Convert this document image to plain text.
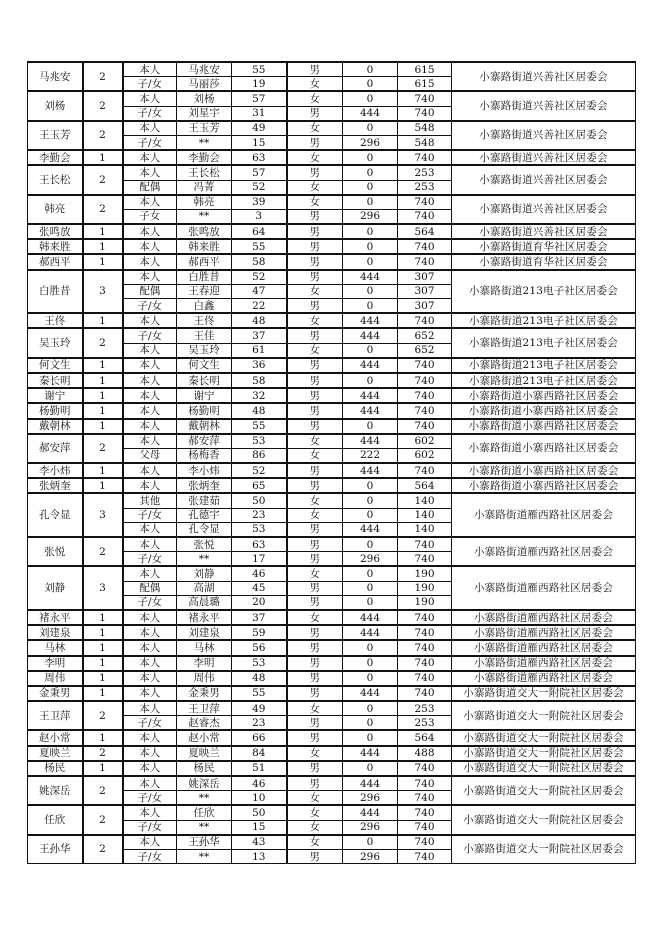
马兆安	2	本人	马兆安	55	男	0	615	小寨路街道兴善社区居委会
		子/女	马丽莎	19	女	0	615	
刘杨	2	本人	刘杨	57	女	0	740	小寨路街道兴善社区居委会
		子/女	刘星宇	31	男	444	740	
王玉芳	2	本人	王玉芳	49	女	0	548	小寨路街道兴善社区居委会
		子/女	**	15	男	296	548	
李勤会	1	本人	李勤会	63	女	0	740	小寨路街道兴善社区居委会
王长松	2	本人	王长松	57	男	0	253	小寨路街道兴善社区居委会
		配偶	冯菁	52	女	0	253	
韩亮	2	本人	韩亮	39	女	0	740	小寨路街道兴善社区居委会
		子女	**	3	男	296	740	
张鸣放	1	本人	张鸣放	64	男	0	564	小寨路街道兴善社区居委会
韩来胜	1	本人	韩来胜	55	男	0	740	小寨路街道育华社区居委会
郝西平	1	本人	郝西平	58	男	0	740	小寨路街道育华社区居委会
白胜昔	3	本人	白胜昔	52	男	444	307	小寨路街道213电子社区居委会
		配偶	王春迎	47	女	0	307	
		子/女	白鑫	22	男	0	307	
王佟	1	本人	王佟	48	女	444	740	小寨路街道213电子社区居委会
吴玉玲	2	子/女	王佳	37	男	444	652	小寨路街道213电子社区居委会
		本人	吴玉玲	61	女	0	652	
何文生	1	本人	何文生	36	男	444	740	小寨路街道213电子社区居委会
秦长明	1	本人	秦长明	58	男	0	740	小寨路街道213电子社区居委会
谢宁	1	本人	谢宁	32	男	444	740	小寨路街道小寨西路社区居委会
杨勤明	1	本人	杨勤明	48	男	444	740	小寨路街道小寨西路社区居委会
戴朝林	1	本人	戴朝林	55	男	0	740	小寨路街道小寨西路社区居委会
郝安萍	2	本人	郝安萍	53	女	444	602	小寨路街道小寨西路社区居委会
		父母	杨梅香	86	女	222	602	
李小炜	1	本人	李小炜	52	男	444	740	小寨路街道小寨西路社区居委会
张炳奎	1	本人	张炳奎	65	男	0	564	小寨路街道小寨西路社区居委会
孔令显	3	其他	张建茹	50	女	0	140	小寨路街道雁西路社区居委会
		子/女	孔德宇	23	女	0	140	
		本人	孔令显	53	男	444	140	
张悦	2	本人	张悦	63	男	0	740	小寨路街道雁西路社区居委会
		子/女	**	17	男	296	740	
刘静	3	本人	刘静	46	女	0	190	小寨路街道雁西路社区居委会
		配偶	高湖	45	男	0	190	
		子/女	高晨璐	20	男	0	190	
褚永平	1	本人	褚永平	37	女	444	740	小寨路街道雁西路社区居委会
刘建泉	1	本人	刘建泉	59	男	444	740	小寨路街道雁西路社区居委会
马林	1	本人	马林	56	男	0	740	小寨路街道雁西路社区居委会
李明	1	本人	李明	53	男	0	740	小寨路街道雁西路社区居委会
周伟	1	本人	周伟	48	男	0	740	小寨路街道雁西路社区居委会
金秉男	1	本人	金秉男	55	男	444	740	小寨路街道交大一附院社区居委会
王卫萍	2	本人	王卫萍	49	女	0	253	小寨路街道交大一附院社区居委会
		子/女	赵睿杰	23	男	0	253	
赵小常	1	本人	赵小常	66	男	0	564	小寨路街道交大一附院社区居委会
夏映兰	2	本人	夏映兰	84	女	444	488	小寨路街道交大一附院社区居委会
杨民	1	本人	杨民	51	男	0	740	小寨路街道交大一附院社区居委会
姚深岳	2	本人	姚深岳	46	男	444	740	小寨路街道交大一附院社区居委会
		子/女	**	10	女	296	740	
任欣	2	本人	任欣	50	女	444	740	小寨路街道交大一附院社区居委会
		子/女	**	15	女	296	740	
王孙华	2	本人	王孙华	43	女	0	740	小寨路街道交大一附院社区居委会
		子/女	**	13	男	296	740	
